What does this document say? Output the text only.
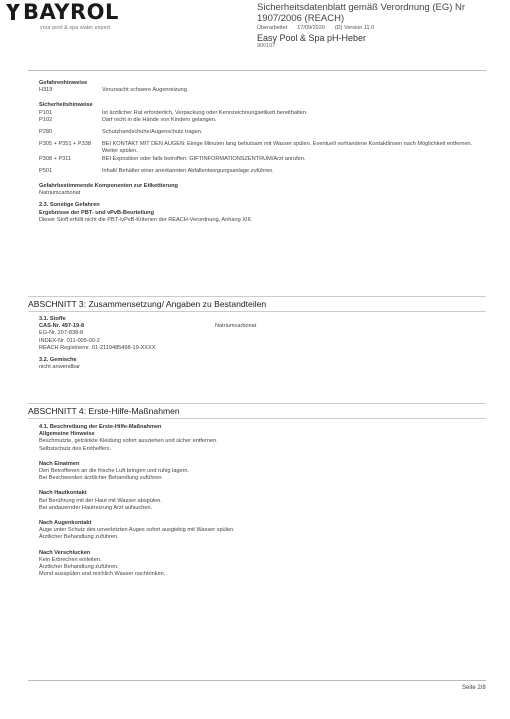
BAYROL
your pool & spa water expert
Sicherheitsdatenblatt gemäß Verordnung (EG) Nr 1907/2006 (REACH)
Überarbeitet 17/09/2020 (D) Version 11.0
Easy Pool & Spa pH-Heber
900107
Gefahrenhinweise
H319	Verursacht schwere Augenreizung.
Sicherheitshinweise
P101	Ist ärztlicher Rat erforderlich, Verpackung oder Kennzeichnungsetikett bereithalten.
P102	Darf nicht in die Hände von Kindern gelangen.
P280	Schutzhandschuhe/Augenschutz tragen.
P305 + P351 + P338	BEI KONTAKT MIT DEN AUGEN: Einige Minuten lang behutsam mit Wasser spülen. Eventuell vorhandene Kontaktlinsen nach Möglichkeit entfernen. Weiter spülen.
P308 + P311	BEI Exposition oder falls betroffen: GIFTINFORMATIONSZENTRUM/Arzt anrufen.
P501	Inhalt/ Behälter einer anerkannten Abfallentsorgungsanlage zuführen.
Gefahrbestimmende Komponenten zur Etikettierung
Natriumcarbonat
2.3. Sonstige Gefahren
Ergebnisse der PBT- und vPvB-Beurteilung
Dieser Stoff erfüllt nicht die PBT-/vPvB-Kriterien der REACH-Verordnung, Anhang XIII.
ABSCHNITT 3: Zusammensetzung/ Angaben zu Bestandteilen
3.1. Stoffe
CAS-Nr. 497-19-8	Natriumcarbonat
EG-Nr. 207-838-8
INDEX-Nr. 011-005-00-2
REACH Registriernr. 01-2119485498-19-XXXX
3.2. Gemische
nicht anwendbar
ABSCHNITT 4: Erste-Hilfe-Maßnahmen
4.1. Beschreibung der Erste-Hilfe-Maßnahmen
Allgemeine Hinweise
Beschmutzte, getränkte Kleidung sofort ausziehen und sicher entfernen.
Selbstschutz des Ersthelfers.
Nach Einatmen
Den Betroffenen an die frische Luft bringen und ruhig lagern.
Bei Beschwerden ärztlicher Behandlung zuführen.
Nach Hautkontakt
Bei Berührung mit der Haut mit Wasser abspülen.
Bei andauernder Hautreizung Arzt aufsuchen.
Nach Augenkontakt
Auge unter Schutz des unverletzten Auges sofort ausgiebig mit Wasser spülen.
Ärztlicher Behandlung zuführen.
Nach Verschlucken
Kein Erbrechen einleiten.
Ärztlicher Behandlung zuführen.
Mund ausspülen und reichlich Wasser nachtrinken.
Seite 2/8
